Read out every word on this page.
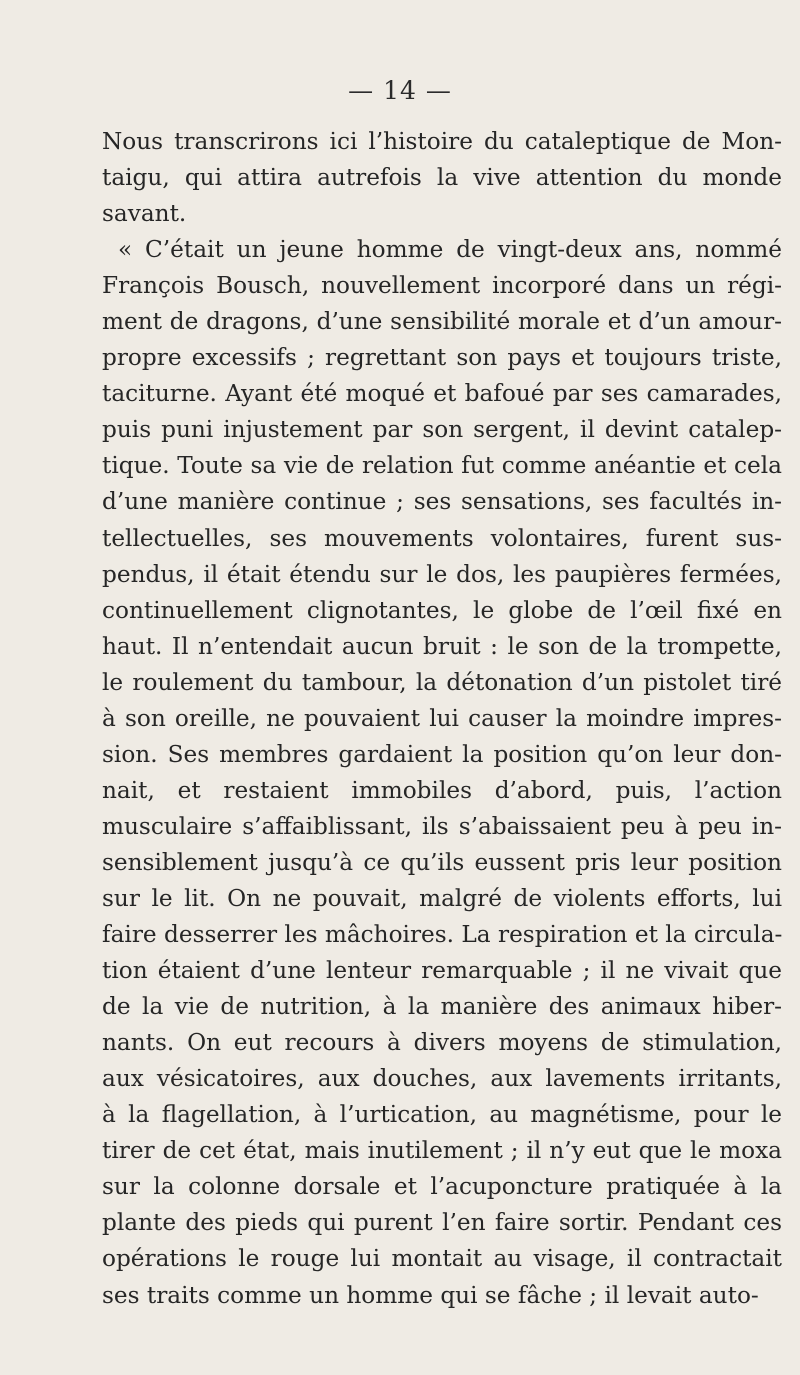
— 14 —
Nous transcrirons ici l’histoire du cataleptique de Mon-
taigu, qui attira autrefois la vive attention du monde
savant.
« C’était un jeune homme de vingt-deux ans, nommé
François Bousch, nouvellement incorporé dans un régi-
ment de dragons, d’une sensibilité morale et d’un amour-
propre excessifs ; regrettant son pays et toujours triste,
taciturne. Ayant été moqué et bafoué par ses camarades,
puis puni injustement par son sergent, il devint catalep-
tique. Toute sa vie de relation fut comme anéantie et cela
d’une manière continue ; ses sensations, ses facultés in-
tellectuelles, ses mouvements volontaires, furent sus-
pendus, il était étendu sur le dos, les paupières fermées,
continuellement clignotantes, le globe de l’œil fixé en
haut. Il n’entendait aucun bruit : le son de la trompette,
le roulement du tambour, la détonation d’un pistolet tiré
à son oreille, ne pouvaient lui causer la moindre impres-
sion. Ses membres gardaient la position qu’on leur don-
nait, et restaient immobiles d’abord, puis, l’action
musculaire s’affaiblissant, ils s’abaissaient peu à peu in-
sensiblement jusqu’à ce qu’ils eussent pris leur position
sur le lit. On ne pouvait, malgré de violents efforts, lui
faire desserrer les mâchoires. La respiration et la circula-
tion étaient d’une lenteur remarquable ; il ne vivait que
de la vie de nutrition, à la manière des animaux hiber-
nants. On eut recours à divers moyens de stimulation,
aux vésicatoires, aux douches, aux lavements irritants,
à la flagellation, à l’urtication, au magnétisme, pour le
tirer de cet état, mais inutilement ; il n’y eut que le moxa
sur la colonne dorsale et l’acuponcture pratiquée à la
plante des pieds qui purent l’en faire sortir. Pendant ces
opérations le rouge lui montait au visage, il contractait
ses traits comme un homme qui se fâche ; il levait auto-
